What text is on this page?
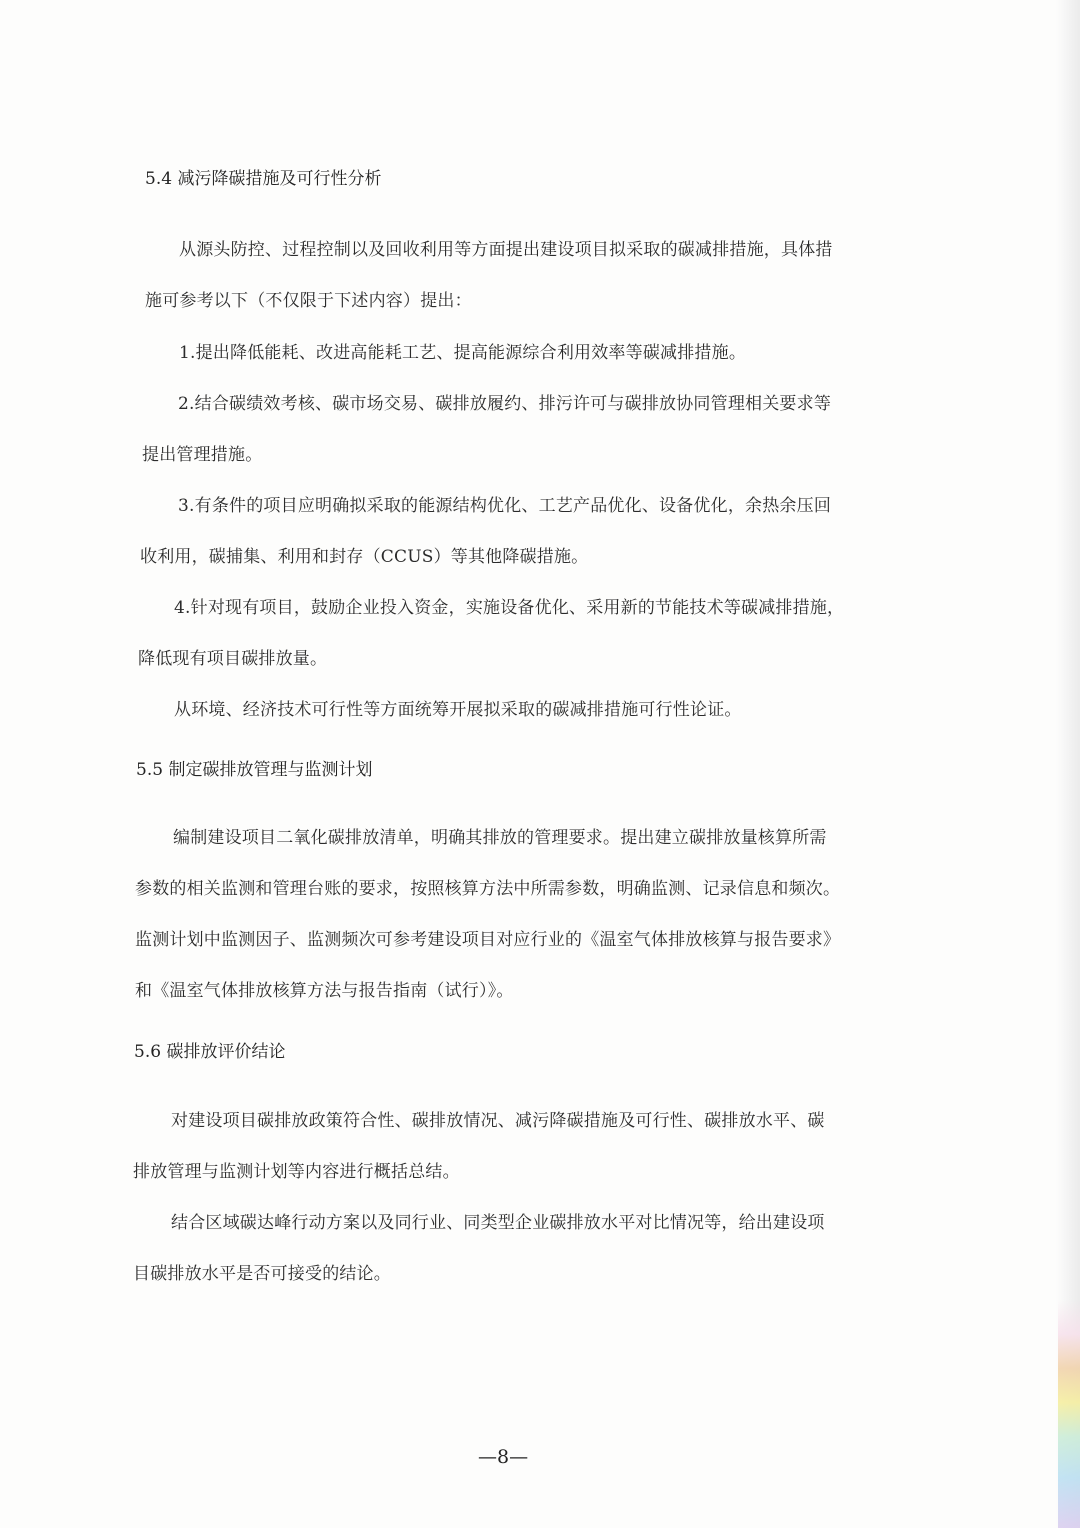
5.4 减污降碳措施及可行性分析
从源头防控、过程控制以及回收利用等方面提出建设项目拟采取的碳减排措施，具体措
施可参考以下（不仅限于下述内容）提出：
1.提出降低能耗、改进高能耗工艺、提高能源综合利用效率等碳减排措施。
2.结合碳绩效考核、碳市场交易、碳排放履约、排污许可与碳排放协同管理相关要求等
提出管理措施。
3.有条件的项目应明确拟采取的能源结构优化、工艺产品优化、设备优化，余热余压回
收利用，碳捕集、利用和封存（CCUS）等其他降碳措施。
4.针对现有项目，鼓励企业投入资金，实施设备优化、采用新的节能技术等碳减排措施，
降低现有项目碳排放量。
从环境、经济技术可行性等方面统筹开展拟采取的碳减排措施可行性论证。
5.5 制定碳排放管理与监测计划
编制建设项目二氧化碳排放清单，明确其排放的管理要求。提出建立碳排放量核算所需
参数的相关监测和管理台账的要求，按照核算方法中所需参数，明确监测、记录信息和频次。
监测计划中监测因子、监测频次可参考建设项目对应行业的《温室气体排放核算与报告要求》
和《温室气体排放核算方法与报告指南（试行）》。
5.6 碳排放评价结论
对建设项目碳排放政策符合性、碳排放情况、减污降碳措施及可行性、碳排放水平、碳
排放管理与监测计划等内容进行概括总结。
结合区域碳达峰行动方案以及同行业、同类型企业碳排放水平对比情况等，给出建设项
目碳排放水平是否可接受的结论。
—8—
